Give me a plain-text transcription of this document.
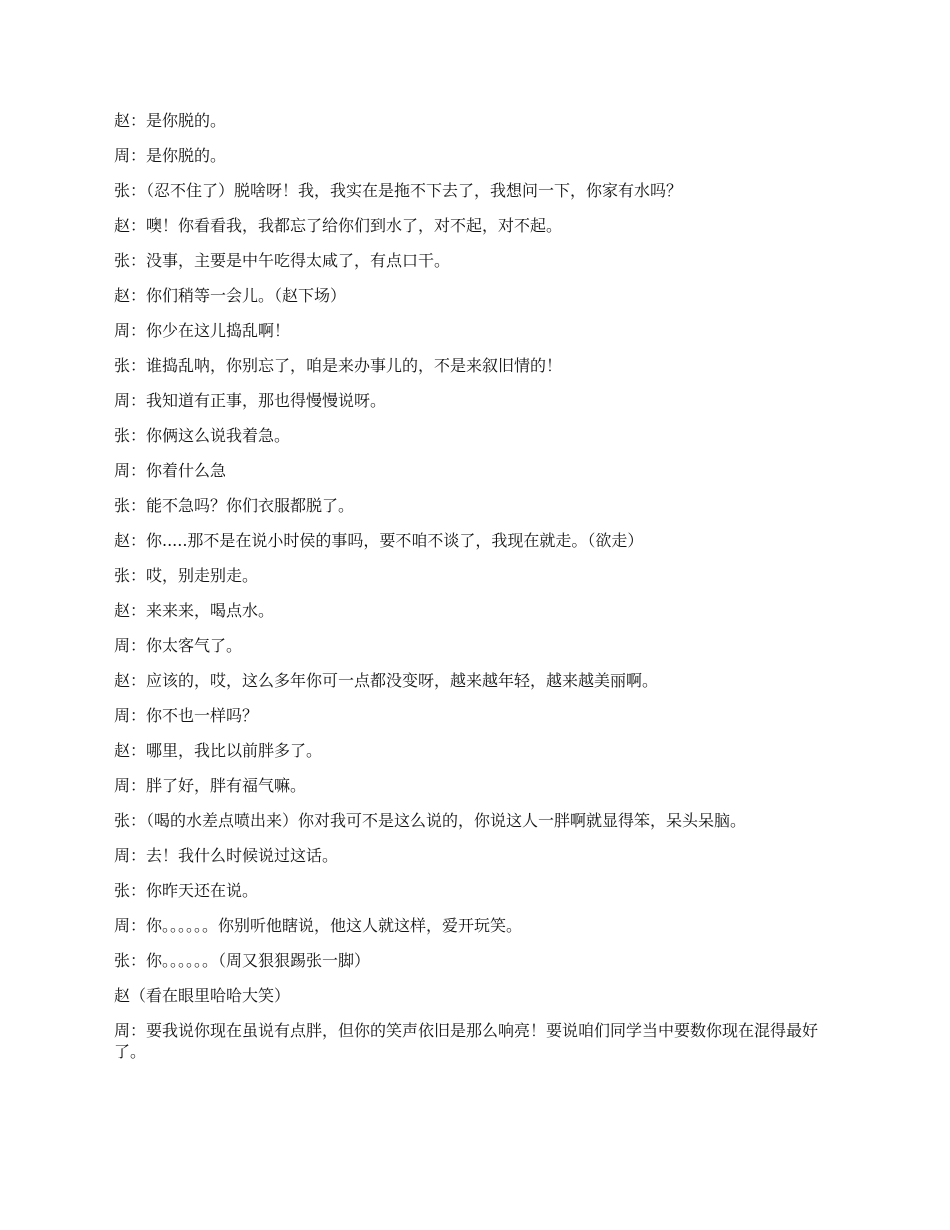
赵：是你脱的。

周：是你脱的。

张：（忍不住了）脱啥呀！我，我实在是拖不下去了，我想问一下，你家有水吗？

赵：噢！你看看我，我都忘了给你们到水了，对不起，对不起。

张：没事，主要是中午吃得太咸了，有点口干。

赵：你们稍等一会儿。（赵下场）

周：你少在这儿捣乱啊！

张：谁捣乱呐，你别忘了，咱是来办事儿的，不是来叙旧情的！

周：我知道有正事，那也得慢慢说呀。

张：你俩这么说我着急。

周：你着什么急

张：能不急吗？你们衣服都脱了。

赵：你.....那不是在说小时侯的事吗，要不咱不谈了，我现在就走。（欲走）

张：哎，别走别走。

赵：来来来，喝点水。

周：你太客气了。

赵：应该的，哎，这么多年你可一点都没变呀，越来越年轻，越来越美丽啊。

周：你不也一样吗？

赵：哪里，我比以前胖多了。

周：胖了好，胖有福气嘛。

张：（喝的水差点喷出来）你对我可不是这么说的，你说这人一胖啊就显得笨，呆头呆脑。

周：去！我什么时候说过这话。

张：你昨天还在说。

周：你。。。。。。你别听他瞎说，他这人就这样，爱开玩笑。

张：你。。。。。。（周又狠狠踢张一脚）

赵（看在眼里哈哈大笑）

周：要我说你现在虽说有点胖，但你的笑声依旧是那么响亮！要说咱们同学当中要数你现在混得最好了。
